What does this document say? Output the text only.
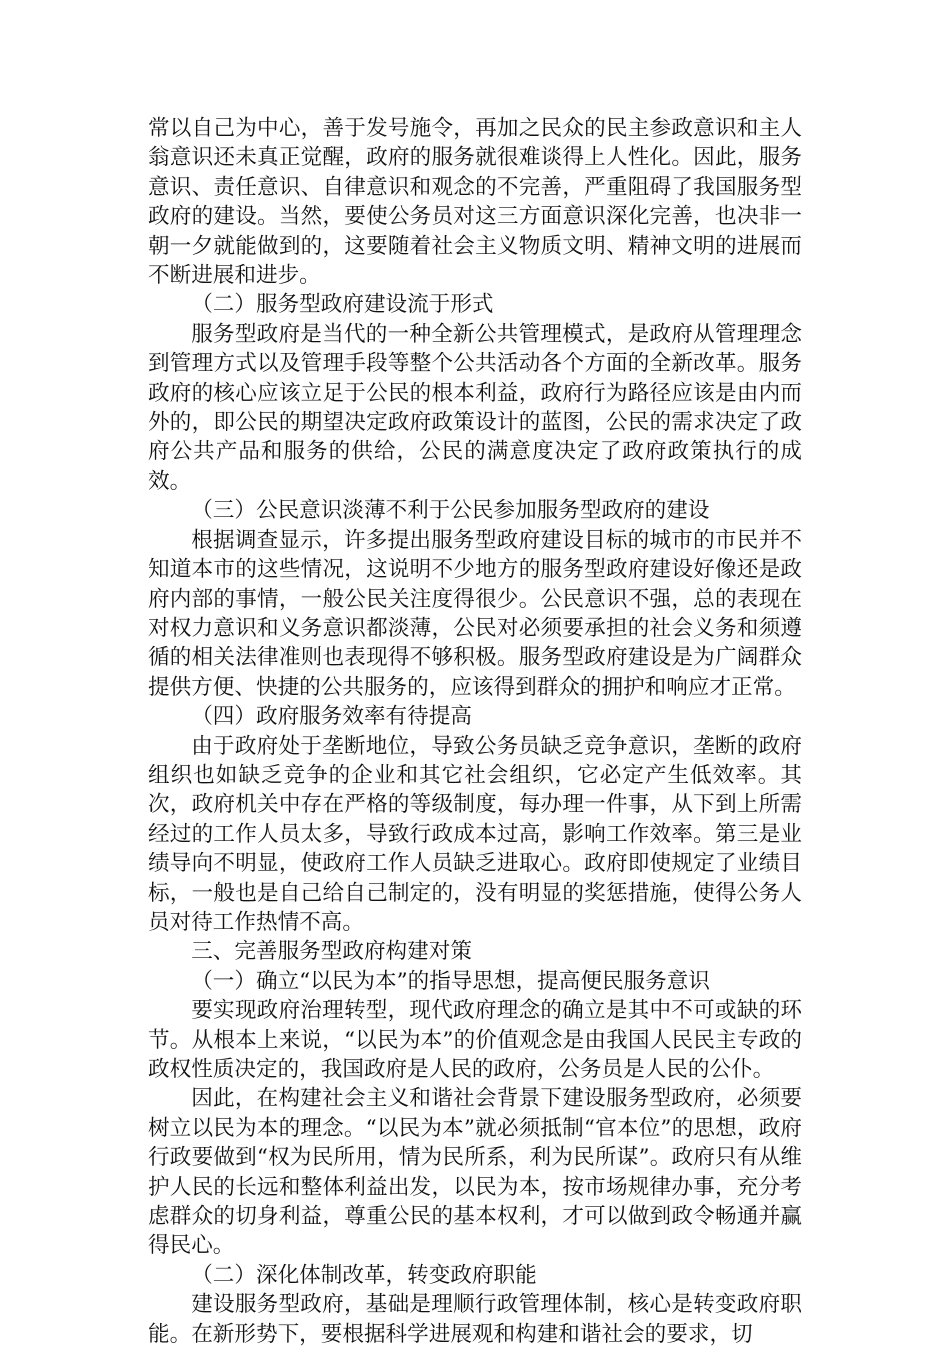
常以自己为中心，善于发号施令，再加之民众的民主参政意识和主人翁意识还未真正觉醒，政府的服务就很难谈得上人性化。因此，服务意识、责任意识、自律意识和观念的不完善，严重阻碍了我国服务型政府的建设。当然，要使公务员对这三方面意识深化完善，也决非一朝一夕就能做到的，这要随着社会主义物质文明、精神文明的进展而不断进展和进步。

（二）服务型政府建设流于形式

服务型政府是当代的一种全新公共管理模式，是政府从管理理念到管理方式以及管理手段等整个公共活动各个方面的全新改革。服务政府的核心应该立足于公民的根本利益，政府行为路径应该是由内而外的，即公民的期望决定政府政策设计的蓝图，公民的需求决定了政府公共产品和服务的供给，公民的满意度决定了政府政策执行的成效。

（三）公民意识淡薄不利于公民参加服务型政府的建设

根据调查显示，许多提出服务型政府建设目标的城市的市民并不知道本市的这些情况，这说明不少地方的服务型政府建设好像还是政府内部的事情，一般公民关注度得很少。公民意识不强，总的表现在对权力意识和义务意识都淡薄，公民对必须要承担的社会义务和须遵循的相关法律准则也表现得不够积极。服务型政府建设是为广阔群众提供方便、快捷的公共服务的，应该得到群众的拥护和响应才正常。

（四）政府服务效率有待提高

由于政府处于垄断地位，导致公务员缺乏竞争意识，垄断的政府组织也如缺乏竞争的企业和其它社会组织，它必定产生低效率。其次，政府机关中存在严格的等级制度，每办理一件事，从下到上所需经过的工作人员太多，导致行政成本过高，影响工作效率。第三是业绩导向不明显，使政府工作人员缺乏进取心。政府即使规定了业绩目标，一般也是自己给自己制定的，没有明显的奖惩措施，使得公务人员对待工作热情不高。

三、完善服务型政府构建对策
（一）确立“以民为本”的指导思想，提高便民服务意识

要实现政府治理转型，现代政府理念的确立是其中不可或缺的环节。从根本上来说，“以民为本”的价值观念是由我国人民民主专政的政权性质决定的，我国政府是人民的政府，公务员是人民的公仆。

因此，在构建社会主义和谐社会背景下建设服务型政府，必须要树立以民为本的理念。“以民为本”就必须抵制“官本位”的思想，政府行政要做到“权为民所用，情为民所系，利为民所谋”。政府只有从维护人民的长远和整体利益出发，以民为本，按市场规律办事，充分考虑群众的切身利益，尊重公民的基本权利，才可以做到政令畅通并赢得民心。

（二）深化体制改革，转变政府职能

建设服务型政府，基础是理顺行政管理体制，核心是转变政府职能。在新形势下，要根据科学进展观和构建和谐社会的要求，切
